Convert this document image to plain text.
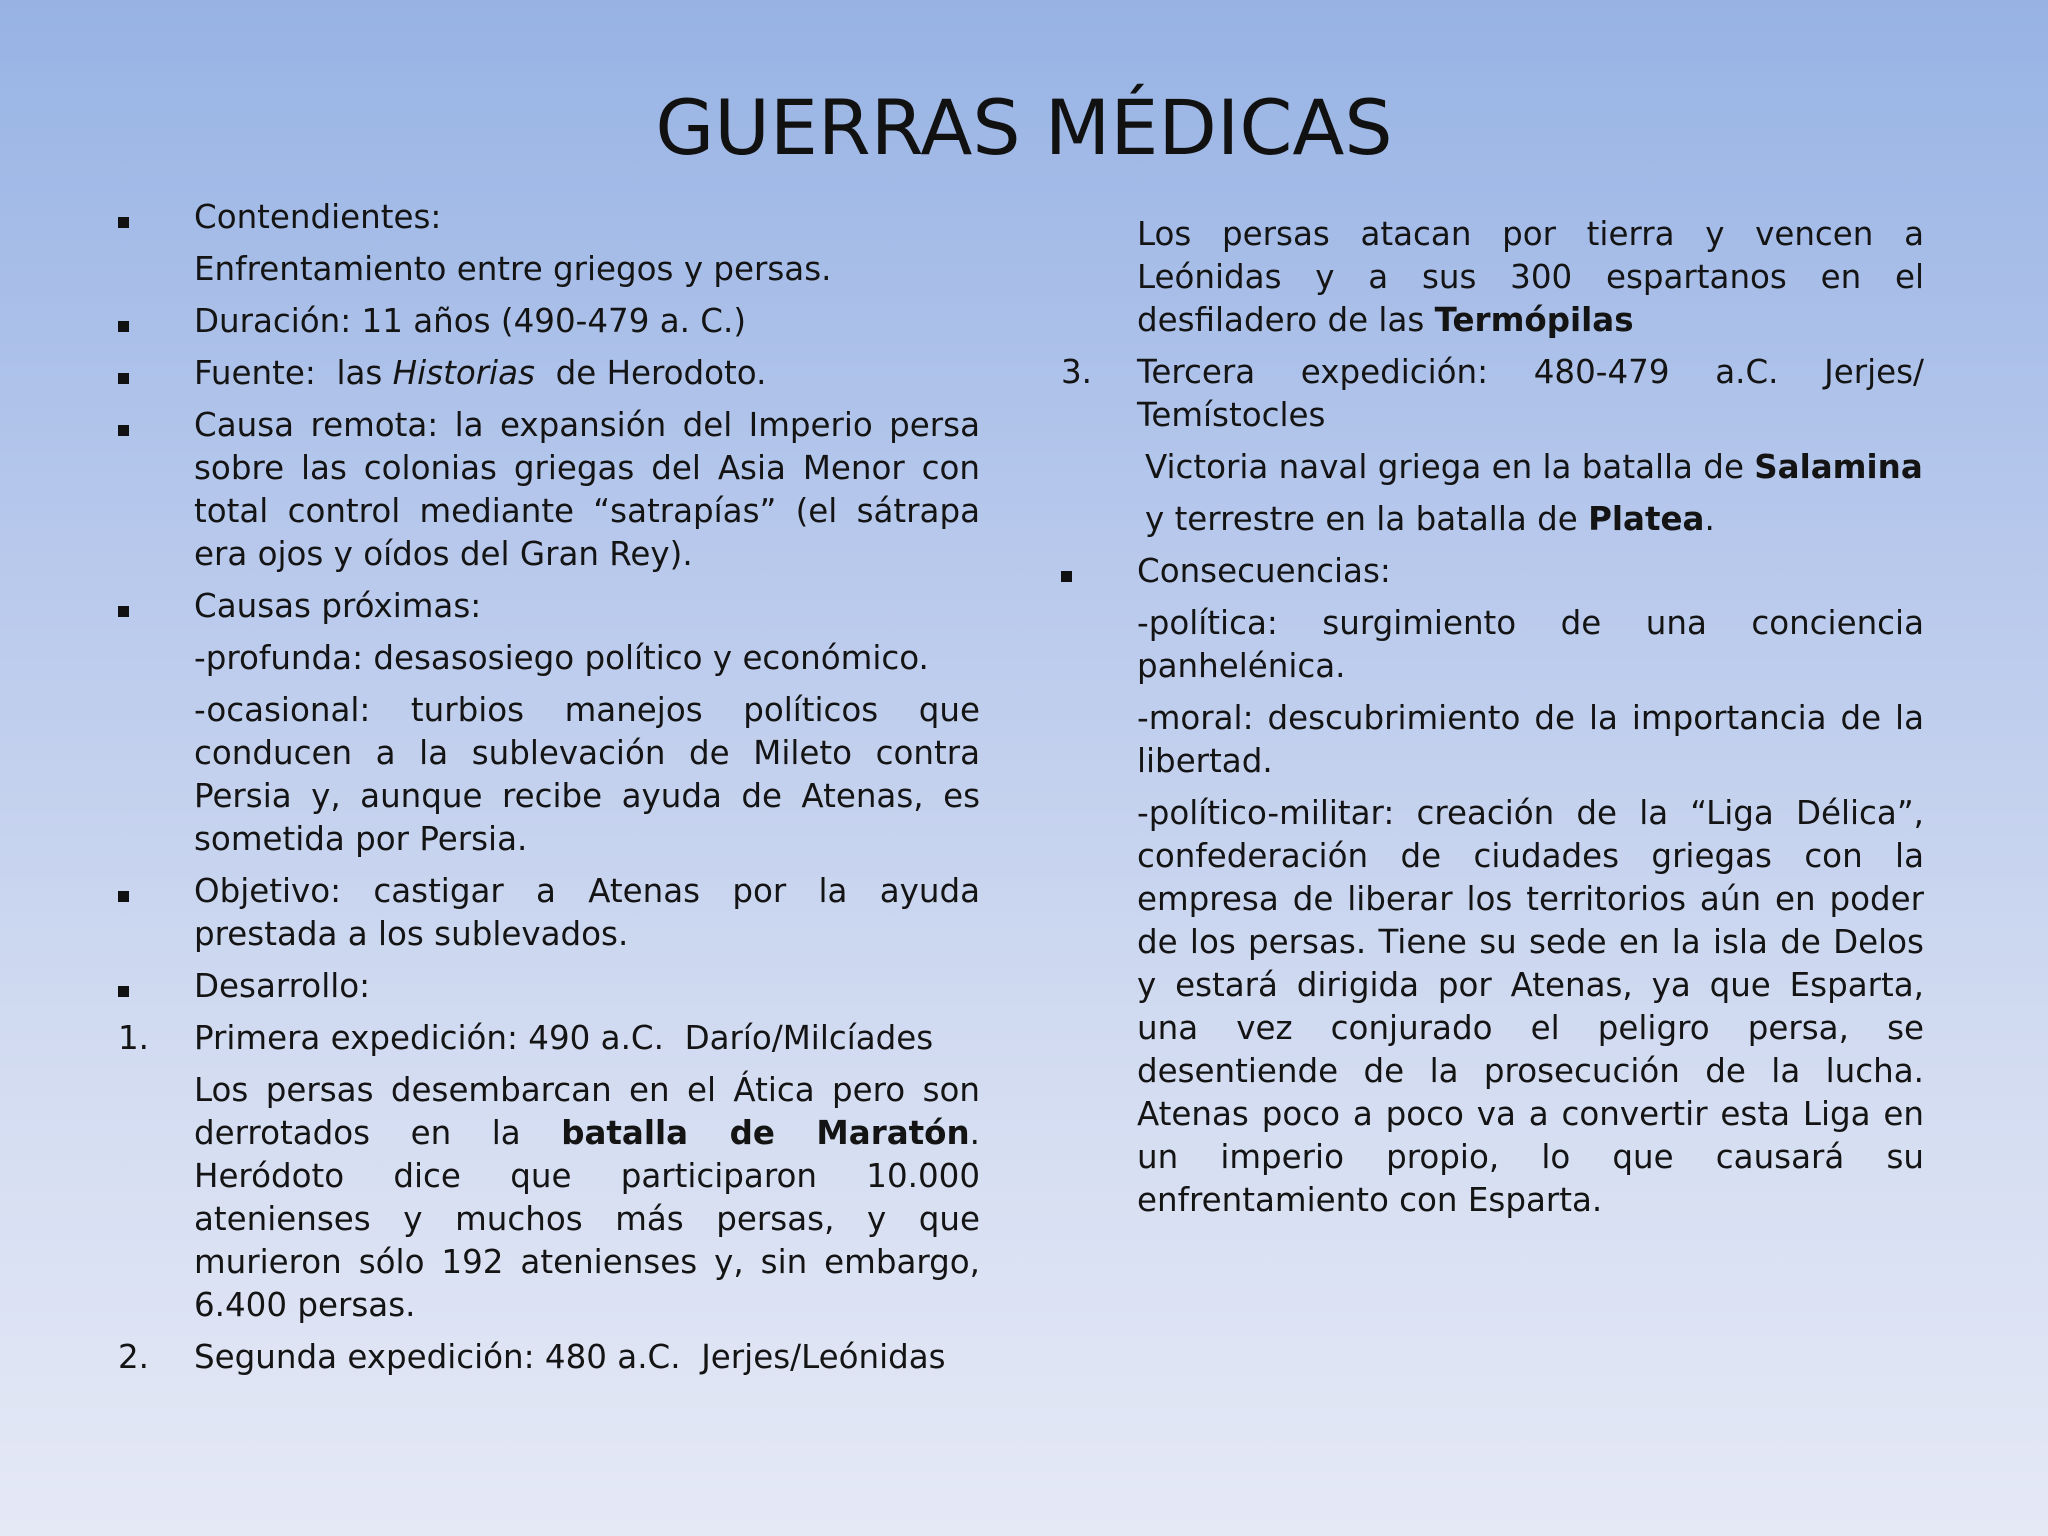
GUERRAS MÉDICAS
Contendientes:
Enfrentamiento entre griegos y persas.
Duración: 11 años (490-479 a. C.)
Fuente:  las Historias  de Herodoto.
Causa remota: la expansión del Imperio persa sobre las colonias griegas del Asia Menor con total control mediante “satrapías” (el sátrapa era ojos y oídos del Gran Rey).
Causas próximas:
-profunda: desasosiego político y económico.
-ocasional: turbios manejos políticos que conducen a la sublevación de Mileto contra Persia y, aunque recibe ayuda de Atenas, es sometida por Persia.
Objetivo: castigar a Atenas por la ayuda prestada a los sublevados.
Desarrollo:
1. Primera expedición: 490 a.C.  Darío/Milcíades
Los persas desembarcan en el Ática pero son derrotados en la batalla de Maratón. Heródoto dice que participaron 10.000 atenienses y muchos más persas, y que murieron sólo 192 atenienses y, sin embargo, 6.400 persas.
2. Segunda expedición: 480 a.C.  Jerjes/Leónidas
Los persas atacan por tierra y vencen a Leónidas y a sus 300 espartanos en el desfiladero de las Termópilas
3. Tercera expedición: 480-479 a.C. Jerjes/ Temístocles
Victoria naval griega en la batalla de Salamina
y terrestre en la batalla de Platea.
Consecuencias:
-política: surgimiento de una conciencia panhelénica.
-moral: descubrimiento de la importancia de la libertad.
-político-militar: creación de la “Liga Délica”, confederación de ciudades griegas con la empresa de liberar los territorios aún en poder de los persas. Tiene su sede en la isla de Delos y estará dirigida por Atenas, ya que Esparta, una vez conjurado el peligro persa, se desentiende de la prosecución de la lucha. Atenas poco a poco va a convertir esta Liga en un imperio propio, lo que causará su enfrentamiento con Esparta.
